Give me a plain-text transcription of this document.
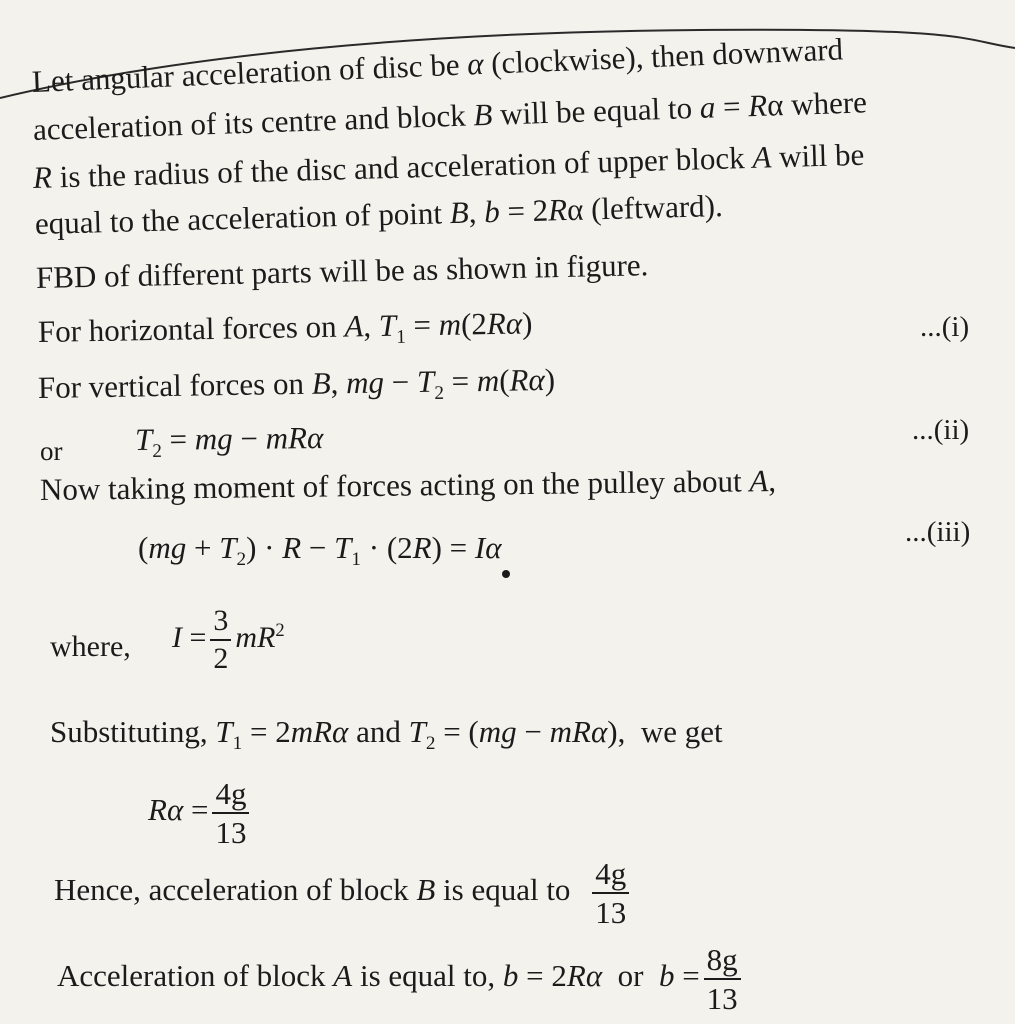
Let angular acceleration of disc be α (clockwise), then downward
acceleration of its centre and block B will be equal to a = Rα where
R is the radius of the disc and acceleration of upper block A will be
equal to the acceleration of point B, b = 2Rα (leftward).
FBD of different parts will be as shown in figure.
For horizontal forces on A, $T_1 = m(2R\alpha)$	...(i)
For vertical forces on B, mg − $T_2 = m(R\alpha)$
or $T_2$ = mg − mRα	...(ii)
Now taking moment of forces acting on the pulley about A,
$(mg + T_2) \cdot R - T_1 \cdot (2R) = I\alpha$	...(iii)
where, $I = \frac{3}{2} mR^2$
Substituting, $T_1 = 2mR\alpha$ and $T_2 = (mg - mR\alpha)$,  we get
$R\alpha = \frac{4g}{13}$
Hence, acceleration of block B is equal to $\frac{4g}{13}$
Acceleration of block A is equal to, b = 2Rα  or  $b = \frac{8g}{13}$
